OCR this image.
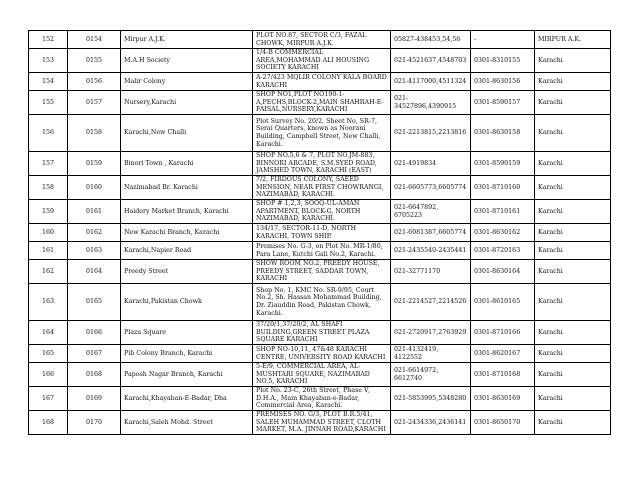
152	0154	Mirpur A.J.K.	PLOT NO.87, SECTOR C/3, FAZAL CHOWK, MIRPUR A.J.K.	05827-438453,54,56	-	MIRPUR A.K.
153	0155	M.A.H Society	1/4-B COMMERCIAL AREA,MOHAMMAD ALI HOUSING SOCIETY KARACHI	021-4521637,4548703	0301-8310155	Karachi
154	0156	Malir Colony	A-27/423 MQLIR COLONY KALA BOARD KARACHI	021-4117000,4511324	0301-8630156	Karachi
155	0157	Nursery,Karachi	SHOP NO1,PLOT NO190-1-A,PECHS,BLOCK-2,MAIN SHAHRAH-E-FAISAL,NURSERY,KARACHI	021-34527896,4390915	0301-8590157	Karachi
156	0158	Karachi,New Challi	Plot Survey No. 20/2, Sheet No, SR-7, Serai Quarters, known as Noorani Building, Campbell Street, New Challi, Karachi.	021-2213815,2213816	0301-8630158	Karachi
157	0159	Binori Town , Karachi	SHOP NO.5,6 & 7, PLOT NO.JM-883, BINNORI ARCADE, S.M.SYED ROAD, JAMSHED TOWN, KARACHI (EAST)	021-4919834	0301-8590159	Karachi
158	0160	Nazimabad Br. Karachi	7/2, FIRDOUS COLONY, SAEED MENSION, NEAR FIRST CHOWRANGI, NAZIMABAD, KARACHI.	021-6605773,6605774	0301-8710160	Karachi
159	0161	Haidery Market Branch, Karachi	SHOP # 1,2,3, SOOQ-UL-AMAN APARTMENT, BLOCK-G, NORTH NAZIMABAD, KARACHI.	021-6647892, 6705223	0301-8710161	Karachi
160	0162	New Karachi Branch, Karachi	134/17, SECTOR-11-D, NORTH KARACHI, TOWN SHIP.	021-6981387,6605774	0301-8630162	Karachi
161	0163	Karachi,Napier Road	Premises No. G-3, on Plot No. MR-1/80, Para Lane, Kutchi Gali No.2, Karachi.	021-2435540-2435441	0301-8720163	Karachi
162	0164	Preedy Street	SHOW ROOM NO.2, PREEDY HOUSE, PREEDY STREET, SADDAR TOWN, KARACHI	021-32771170	0301-8630164	Karachi
163	0165	Karachi,Pakistan Chowk	Shop No. 1, KMC No. SR-9/95, Court No.2, Sh. Hassan Mohammad Building, Dr. Ziauddin Road, Pakistan Chowk, Karachi.	021-2214527,2214526	0301-8610165	Karachi
164	0166	Plaza Square	37/20/1,37/20/2, AL SHAFI BUILDING,GREEN STREET PLAZA SQUARE KARACHI	021-2720917,2763929	0301-8710166	Karachi
165	0167	Pib Colony Branch, Karachi	SHOP NO-10,11, 47&48 KARACHI CENTRE, UNIVERSITY ROAD KARACHI	021-4132419, 4122552	0301-8620167	Karachi
166	0168	Paposh Nagar Branch, Karachi	5-E/9, COMMERCIAL AREA, AL-MUSHTARI SQUARE, NAZIMABAD NO.5, KARACHI	021-6614972, 6612740	0301-8710168	Karachi
167	0169	Karachi,Khayaban-E-Badar, Dha	Plot No. 23-C, 26th Street, Phase V, D.H.A., Main Khayaban-e-Badar, Commercial Area, Karachi.	021-5853995,5348280	0301-8630169	Karachi
168	0170	Karachi,Saleh Mohd. Street	PREMISES NO. G/3, PLOT B.R.5/41, SALEH MUHAMMAD STREET, CLOTH MARKET, M.A. JINNAH ROAD,KARACHI	021-2434336,2436141	0301-8650170	Karachi
